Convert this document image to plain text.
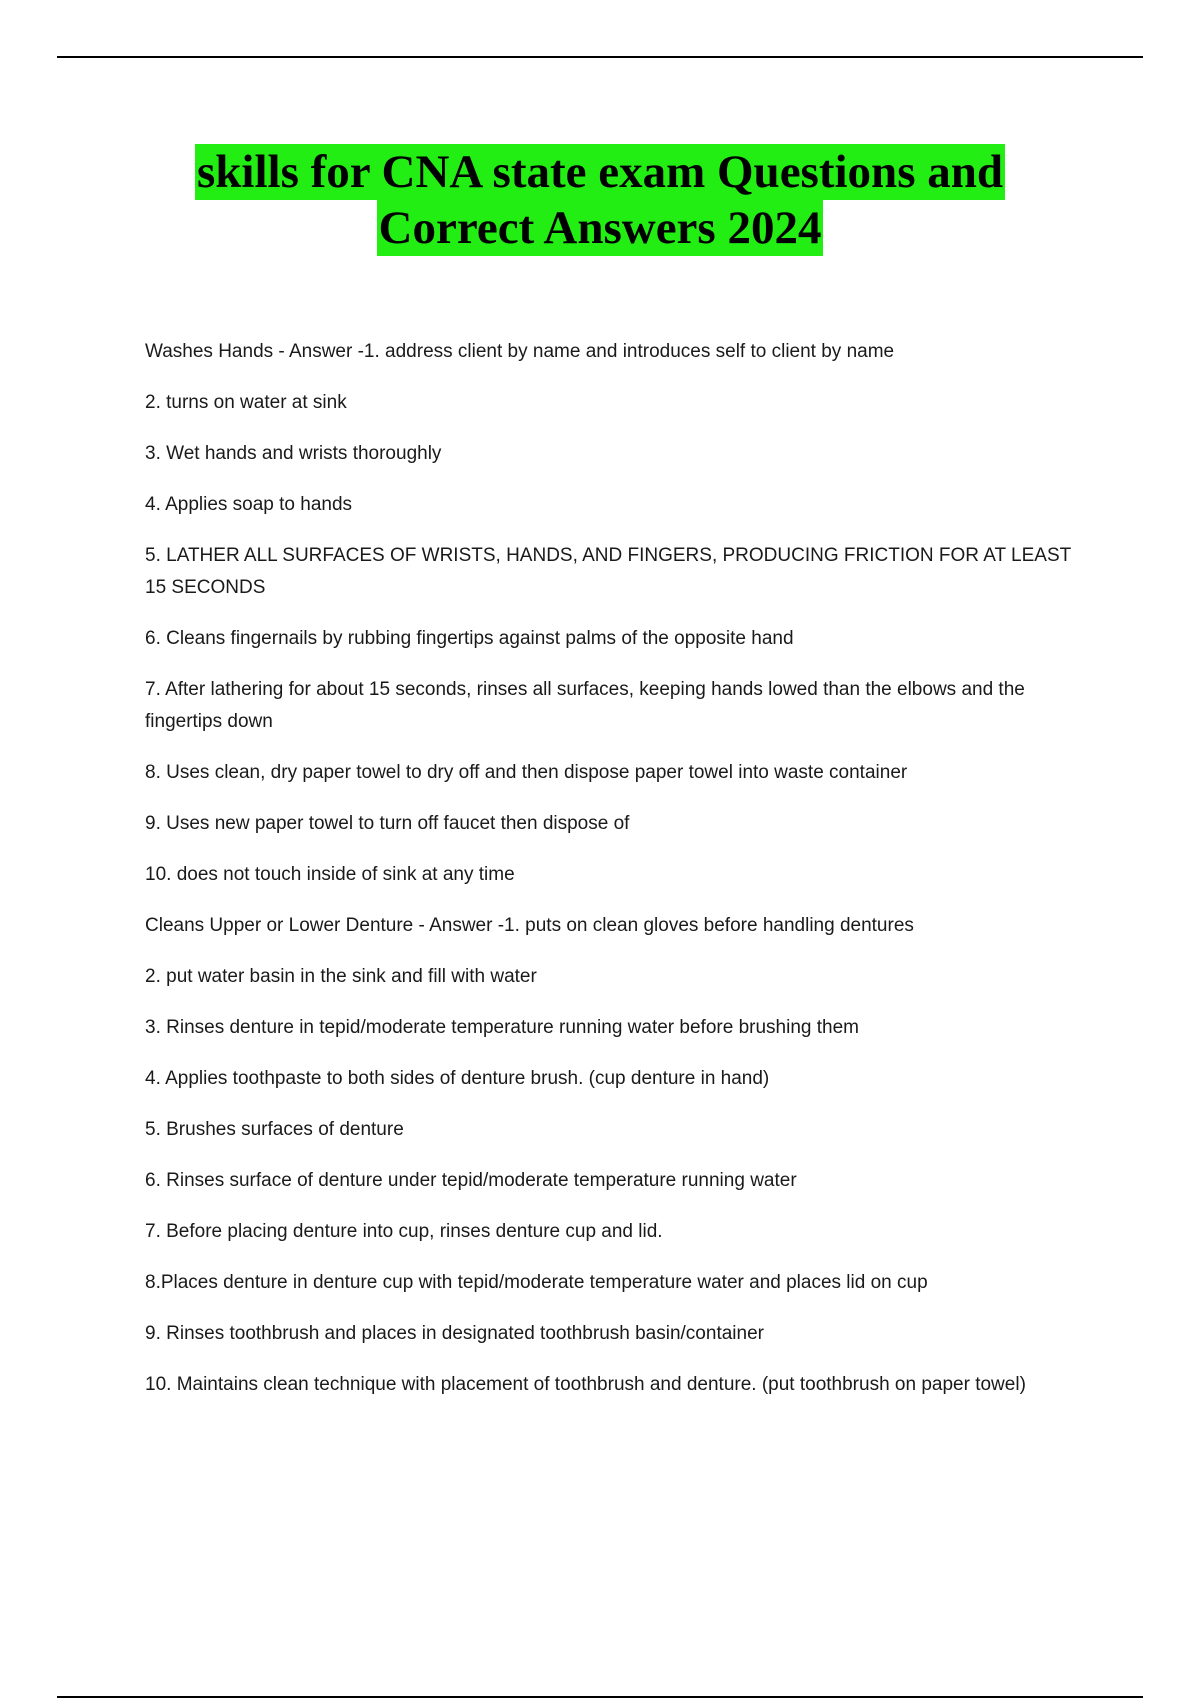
skills for CNA state exam Questions and
Correct Answers 2024

Washes Hands - Answer -1. address client by name and introduces self to client by name

2. turns on water at sink

3. Wet hands and wrists thoroughly

4. Applies soap to hands

5. LATHER ALL SURFACES OF WRISTS, HANDS, AND FINGERS, PRODUCING FRICTION FOR AT LEAST 15 SECONDS

6. Cleans fingernails by rubbing fingertips against palms of the opposite hand

7. After lathering for about 15 seconds, rinses all surfaces, keeping hands lowed than the elbows and the fingertips down

8. Uses clean, dry paper towel to dry off and then dispose paper towel into waste container

9. Uses new paper towel to turn off faucet then dispose of

10. does not touch inside of sink at any time

Cleans Upper or Lower Denture - Answer -1. puts on clean gloves before handling dentures

2. put water basin in the sink and fill with water

3. Rinses denture in tepid/moderate temperature running water before brushing them

4. Applies toothpaste to both sides of denture brush. (cup denture in hand)

5. Brushes surfaces of denture

6. Rinses surface of denture under tepid/moderate temperature running water

7. Before placing denture into cup, rinses denture cup and lid.

8.Places denture in denture cup with tepid/moderate temperature water and places lid on cup

9. Rinses toothbrush and places in designated toothbrush basin/container

10. Maintains clean technique with placement of toothbrush and denture. (put toothbrush on paper towel)
